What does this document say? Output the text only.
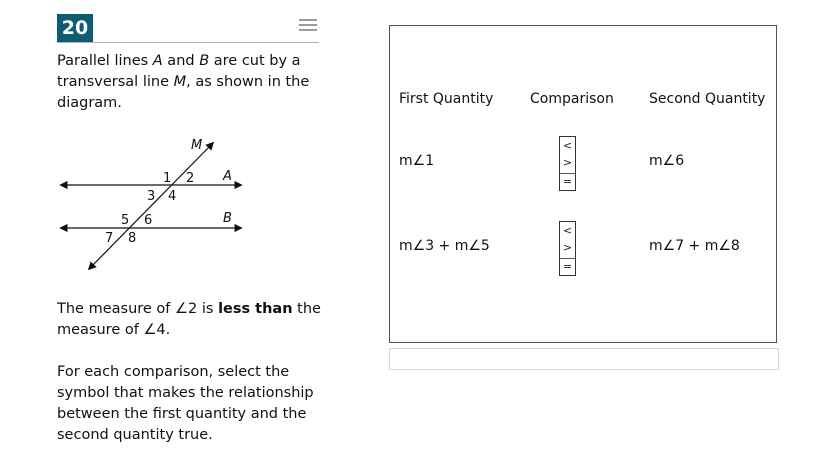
20
Parallel lines A and B are cut by a transversal line M, as shown in the diagram.
M
A
B
1 2
3 4
5 6
7 8
The measure of ∠2 is less than the measure of ∠4.
For each comparison, select the symbol that makes the relationship between the first quantity and the second quantity true.
First Quantity	Comparison	Second Quantity
m∠1
<
>
=
m∠6
m∠3 + m∠5
<
>
=
m∠7 + m∠8
